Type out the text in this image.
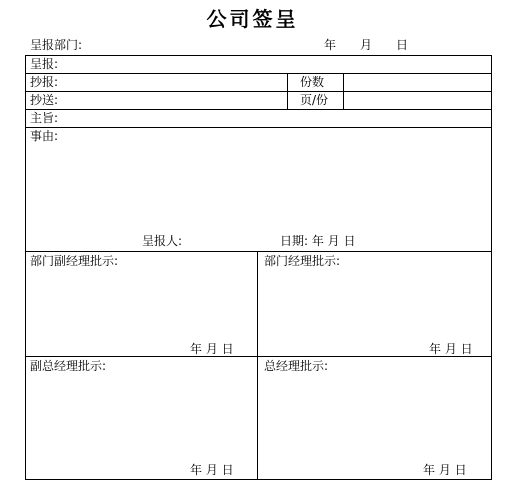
公司签呈
呈报部门:	年 月 日
呈报:
抄报:	份数
抄送:	页/份
主旨:
事由:
呈报人:	日期: 年 月 日
部门副经理批示:	部门经理批示:
年 月 日	年 月 日
副总经理批示:	总经理批示:
年 月 日	年 月 日
